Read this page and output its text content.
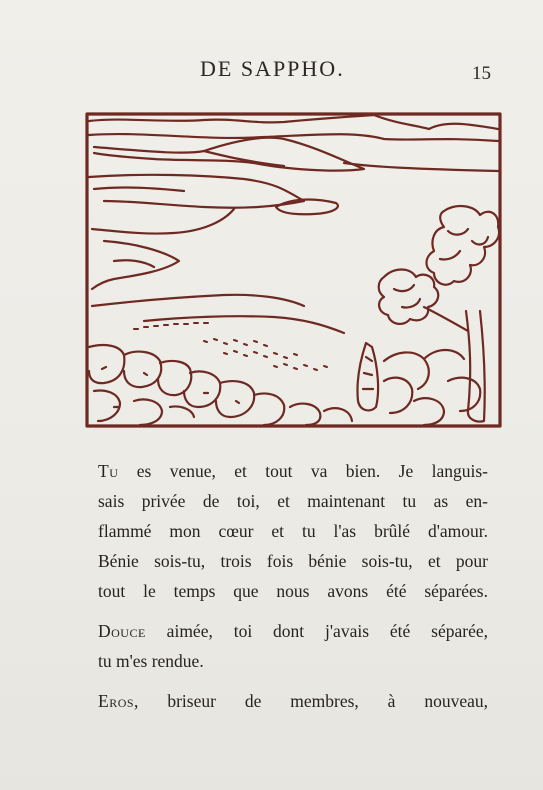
DE SAPPHO.	15

Tu es venue, et tout va bien. Je languis-
sais privée de toi, et maintenant tu as en-
flammé mon cœur et tu l'as brûlé d'amour.
Bénie sois-tu, trois fois bénie sois-tu, et pour
tout le temps que nous avons été séparées.

Douce aimée, toi dont j'avais été séparée,
tu m'es rendue.

Eros, briseur de membres, à nouveau,
